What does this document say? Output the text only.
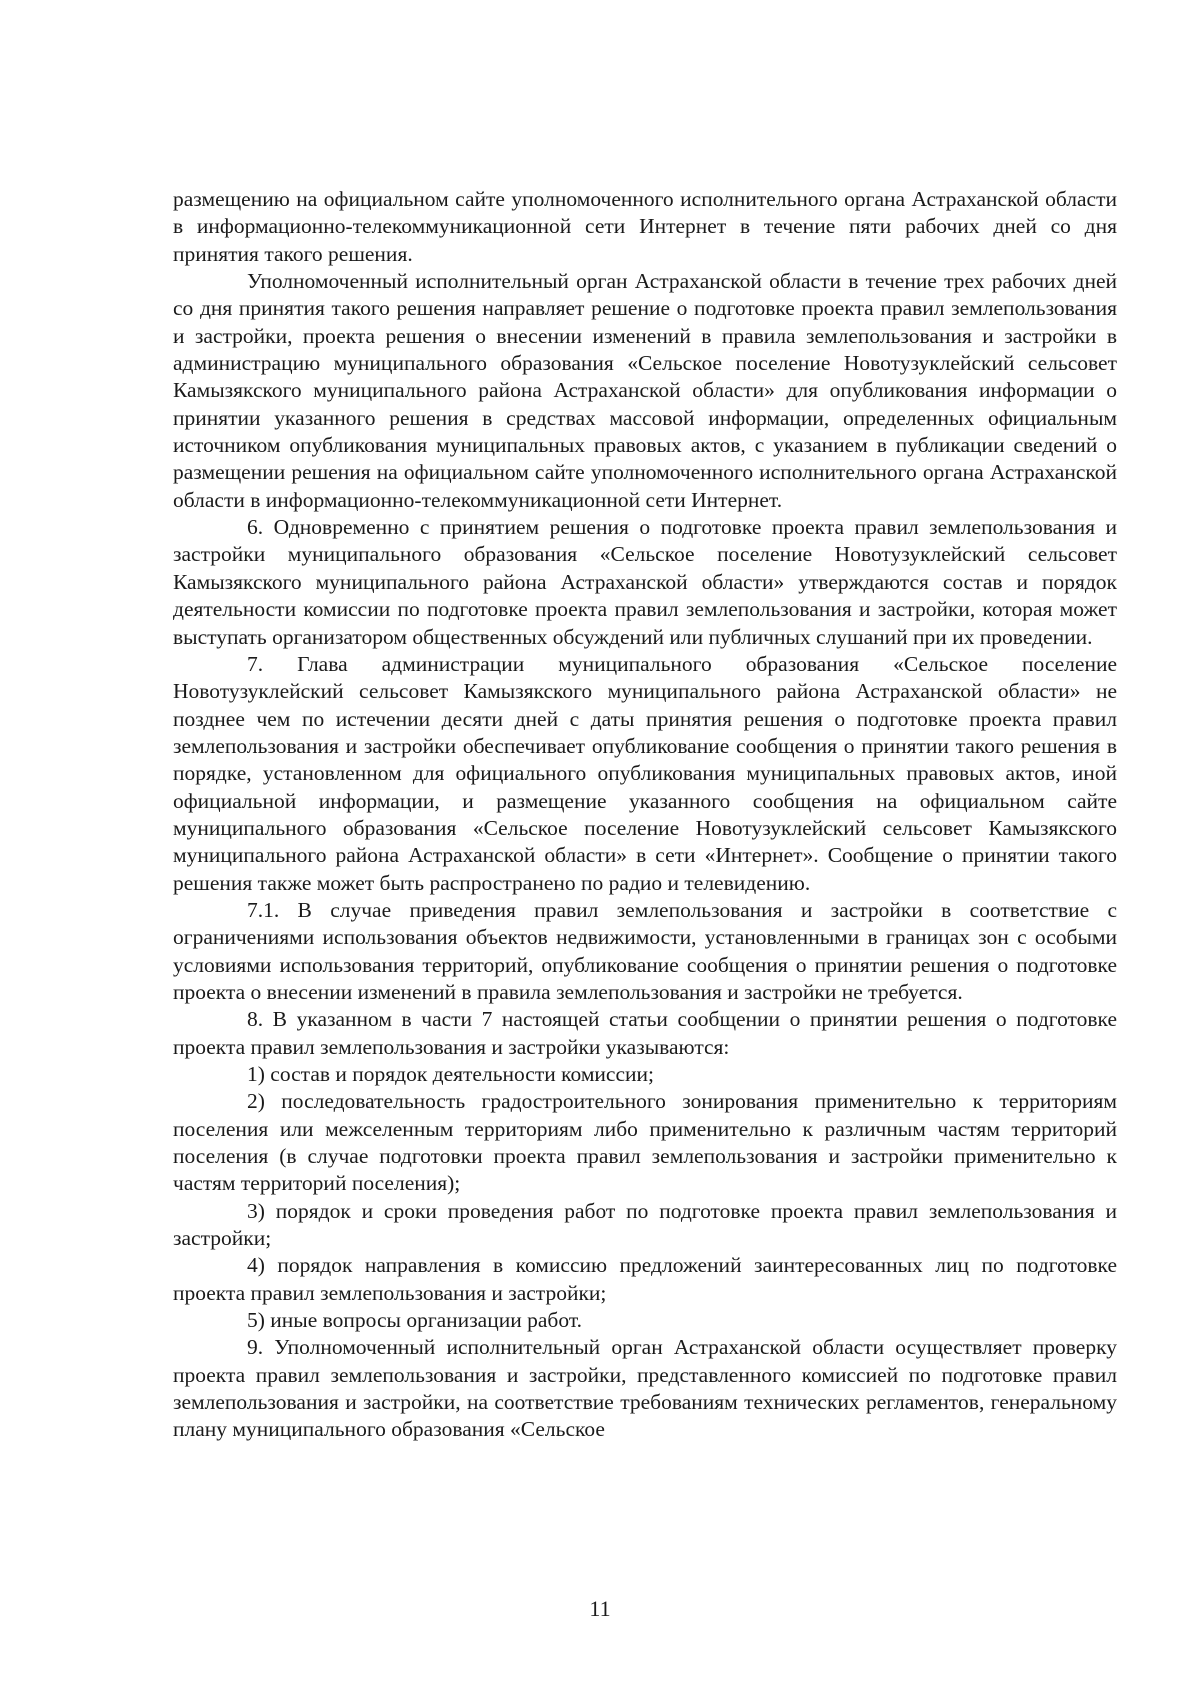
размещению на официальном сайте уполномоченного исполнительного органа Астраханской области в информационно-телекоммуникационной сети Интернет в течение пяти рабочих дней со дня принятия такого решения.

Уполномоченный исполнительный орган Астраханской области в течение трех рабочих дней со дня принятия такого решения направляет решение о подготовке проекта правил землепользования и застройки, проекта решения о внесении изменений в правила землепользования и застройки в администрацию муниципального образования «Сельское поселение Новотузуклейский сельсовет Камызякского муниципального района Астраханской области» для опубликования информации о принятии указанного решения в средствах массовой информации, определенных официальным источником опубликования муниципальных правовых актов, с указанием в публикации сведений о размещении решения на официальном сайте уполномоченного исполнительного органа Астраханской области в информационно-телекоммуникационной сети Интернет.

6. Одновременно с принятием решения о подготовке проекта правил землепользования и застройки муниципального образования «Сельское поселение Новотузуклейский сельсовет Камызякского муниципального района Астраханской области» утверждаются состав и порядок деятельности комиссии по подготовке проекта правил землепользования и застройки, которая может выступать организатором общественных обсуждений или публичных слушаний при их проведении.

7. Глава администрации муниципального образования «Сельское поселение Новотузуклейский сельсовет Камызякского муниципального района Астраханской области» не позднее чем по истечении десяти дней с даты принятия решения о подготовке проекта правил землепользования и застройки обеспечивает опубликование сообщения о принятии такого решения в порядке, установленном для официального опубликования муниципальных правовых актов, иной официальной информации, и размещение указанного сообщения на официальном сайте муниципального образования «Сельское поселение Новотузуклейский сельсовет Камызякского муниципального района Астраханской области» в сети «Интернет». Сообщение о принятии такого решения также может быть распространено по радио и телевидению.

7.1. В случае приведения правил землепользования и застройки в соответствие с ограничениями использования объектов недвижимости, установленными в границах зон с особыми условиями использования территорий, опубликование сообщения о принятии решения о подготовке проекта о внесении изменений в правила землепользования и застройки не требуется.

8. В указанном в части 7 настоящей статьи сообщении о принятии решения о подготовке проекта правил землепользования и застройки указываются:

1) состав и порядок деятельности комиссии;

2) последовательность градостроительного зонирования применительно к территориям поселения или межселенным территориям либо применительно к различным частям территорий поселения (в случае подготовки проекта правил землепользования и застройки применительно к частям территорий поселения);

3) порядок и сроки проведения работ по подготовке проекта правил землепользования и застройки;

4) порядок направления в комиссию предложений заинтересованных лиц по подготовке проекта правил землепользования и застройки;

5) иные вопросы организации работ.

9. Уполномоченный исполнительный орган Астраханской области осуществляет проверку проекта правил землепользования и застройки, представленного комиссией по подготовке правил землепользования и застройки, на соответствие требованиям технических регламентов, генеральному плану муниципального образования «Сельское

11
